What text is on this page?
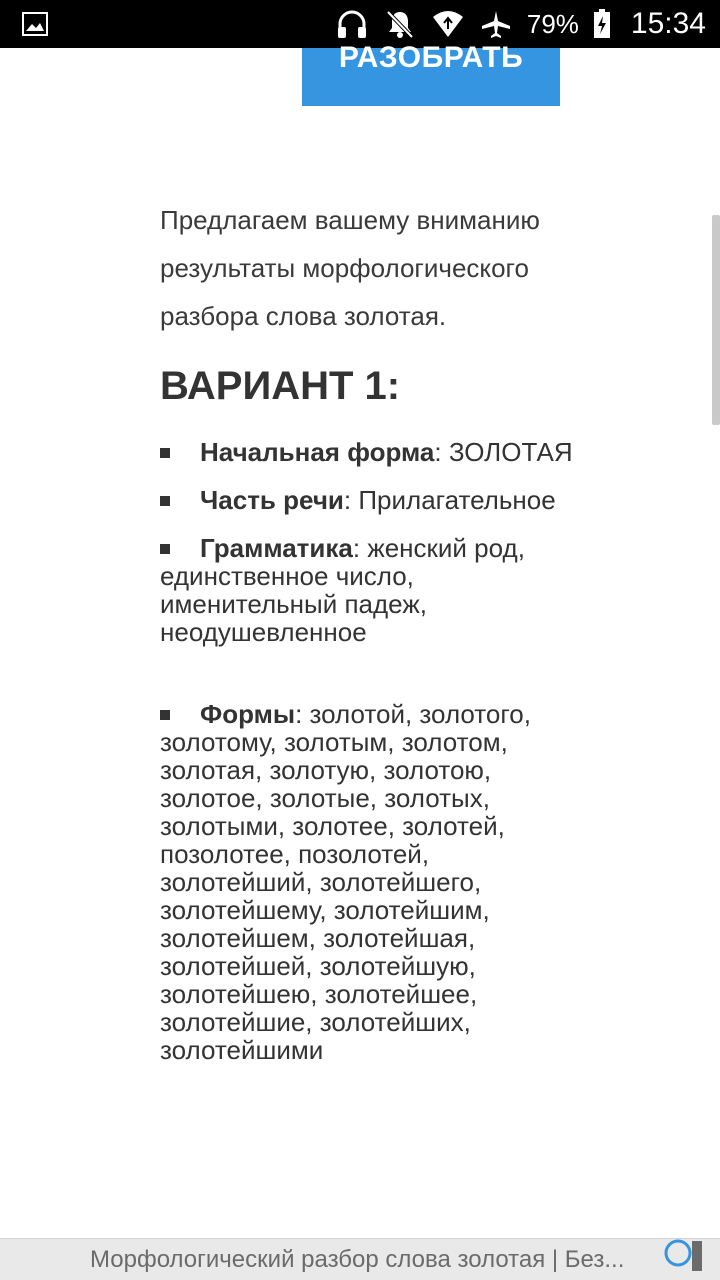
79% 15:34
РАЗОБРАТЬ

Предлагаем вашему вниманию результаты морфологического разбора слова золотая.

ВАРИАНТ 1:
Начальная форма: ЗОЛОТАЯ
Часть речи: Прилагательное
Грамматика: женский род, единственное число, именительный падеж, неодушевленное
Формы: золотой, золотого, золотому, золотым, золотом, золотая, золотую, золотою, золотое, золотые, золотых, золотыми, золотее, золотей, позолотее, позолотей, золотейший, золотейшего, золотейшему, золотейшим, золотейшем, золотейшая, золотейшей, золотейшую, золотейшею, золотейшее, золотейшие, золотейших, золотейшими
Морфологический разбор слова золотая | Без...
